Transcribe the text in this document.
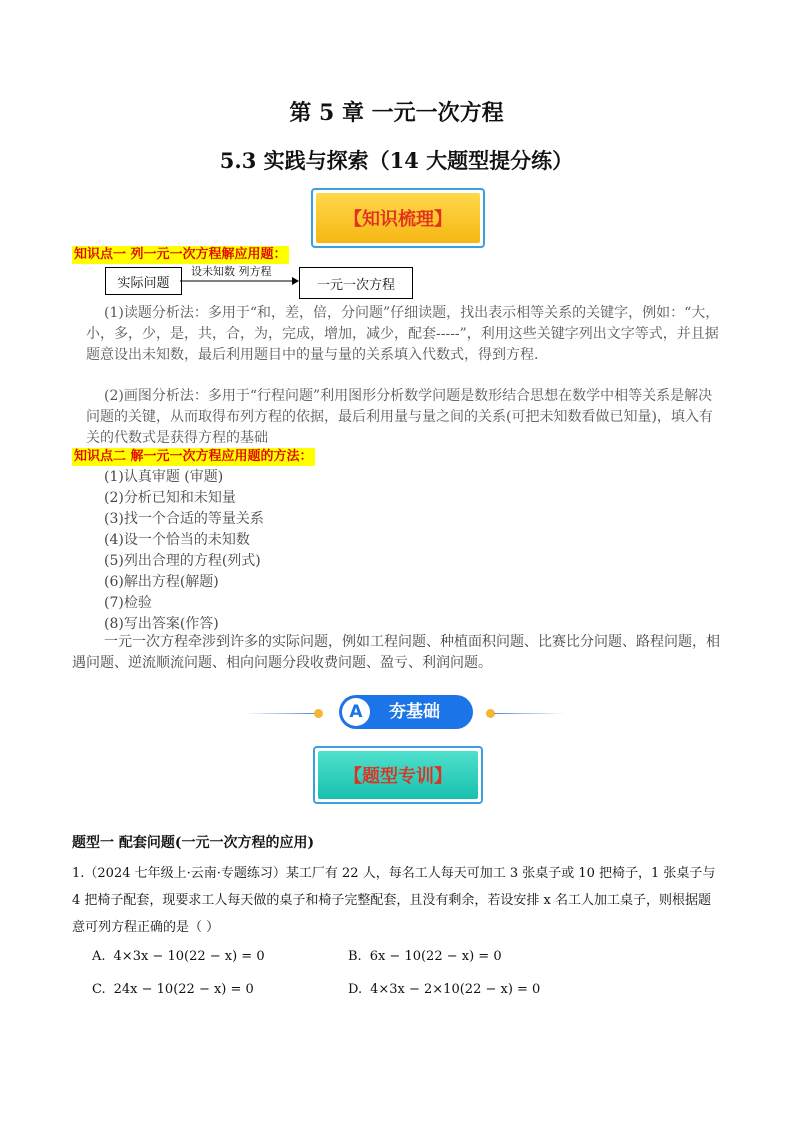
第 5 章 一元一次方程
5.3 实践与探索（14 大题型提分练）
【知识梳理】
知识点一 列一元一次方程解应用题：
实际问题
设未知数 列方程
一元一次方程
(1)读题分析法：多用于“和，差，倍，分问题”仔细读题，找出表示相等关系的关键字，例如：“大，小，多，少，是，共，合，为，完成，增加，减少，配套-----”，利用这些关键字列出文字等式，并且据题意设出未知数，最后利用题目中的量与量的关系填入代数式，得到方程.
(2)画图分析法：多用于“行程问题”利用图形分析数学问题是数形结合思想在数学中相等关系是解决问题的关键，从而取得布列方程的依据，最后利用量与量之间的关系(可把未知数看做已知量)，填入有关的代数式是获得方程的基础
知识点二 解一元一次方程应用题的方法：
(1)认真审题 (审题)
(2)分析已知和未知量
(3)找一个合适的等量关系
(4)设一个恰当的未知数
(5)列出合理的方程(列式)
(6)解出方程(解题)
(7)检验
(8)写出答案(作答)
一元一次方程牵涉到许多的实际问题，例如工程问题、种植面积问题、比赛比分问题、路程问题，相遇问题、逆流顺流问题、相向问题分段收费问题、盈亏、利润问题。
A	夯基础
【题型专训】
题型一 配套问题(一元一次方程的应用)
1.（2024 七年级上·云南·专题练习）某工厂有 22 人，每名工人每天可加工 3 张桌子或 10 把椅子，1 张桌子与 4 把椅子配套，现要求工人每天做的桌子和椅子完整配套，且没有剩余，若设安排 x 名工人加工桌子，则根据题意可列方程正确的是（ ）
A. 4×3x − 10(22 − x) = 0	B. 6x − 10(22 − x) = 0
C. 24x − 10(22 − x) = 0	D. 4×3x − 2×10(22 − x) = 0
